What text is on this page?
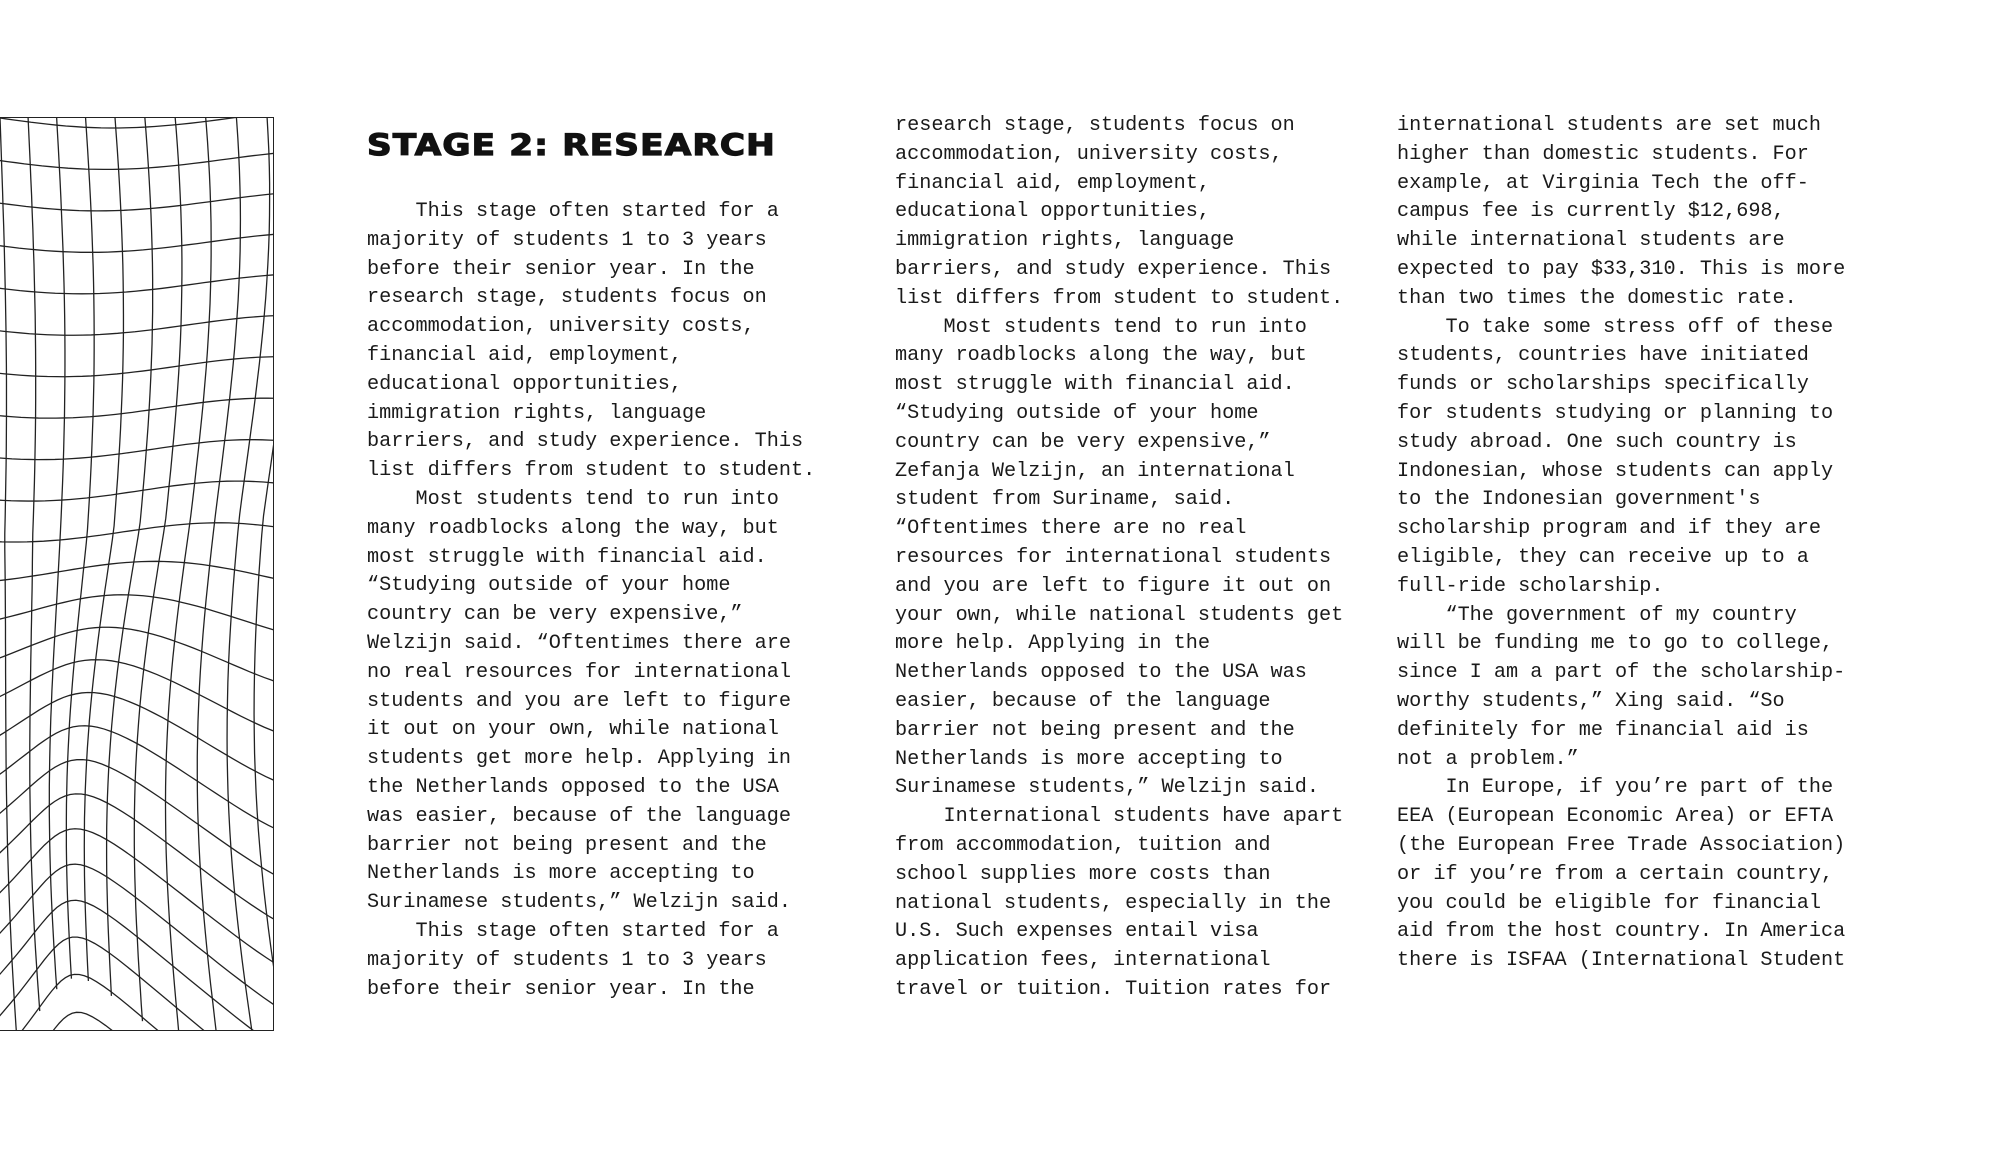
STAGE 2: RESEARCH
This stage often started for a
majority of students 1 to 3 years
before their senior year. In the
research stage, students focus on
accommodation, university costs,
financial aid, employment,
educational opportunities,
immigration rights, language
barriers, and study experience. This
list differs from student to student.
Most students tend to run into
many roadblocks along the way, but
most struggle with financial aid.
“Studying outside of your home
country can be very expensive,”
Welzijn said. “Oftentimes there are
no real resources for international
students and you are left to figure
it out on your own, while national
students get more help. Applying in
the Netherlands opposed to the USA
was easier, because of the language
barrier not being present and the
Netherlands is more accepting to
Surinamese students,” Welzijn said.
This stage often started for a
majority of students 1 to 3 years
before their senior year. In the
research stage, students focus on
accommodation, university costs,
financial aid, employment,
educational opportunities,
immigration rights, language
barriers, and study experience. This
list differs from student to student.
Most students tend to run into
many roadblocks along the way, but
most struggle with financial aid.
“Studying outside of your home
country can be very expensive,”
Zefanja Welzijn, an international
student from Suriname, said.
“Oftentimes there are no real
resources for international students
and you are left to figure it out on
your own, while national students get
more help. Applying in the
Netherlands opposed to the USA was
easier, because of the language
barrier not being present and the
Netherlands is more accepting to
Surinamese students,” Welzijn said.
International students have apart
from accommodation, tuition and
school supplies more costs than
national students, especially in the
U.S. Such expenses entail visa
application fees, international
travel or tuition. Tuition rates for
international students are set much
higher than domestic students. For
example, at Virginia Tech the off-
campus fee is currently $12,698,
while international students are
expected to pay $33,310. This is more
than two times the domestic rate.
To take some stress off of these
students, countries have initiated
funds or scholarships specifically
for students studying or planning to
study abroad. One such country is
Indonesian, whose students can apply
to the Indonesian government's
scholarship program and if they are
eligible, they can receive up to a
full-ride scholarship.
“The government of my country
will be funding me to go to college,
since I am a part of the scholarship-
worthy students,” Xing said. “So
definitely for me financial aid is
not a problem.”
In Europe, if you’re part of the
EEA (European Economic Area) or EFTA
(the European Free Trade Association)
or if you’re from a certain country,
you could be eligible for financial
aid from the host country. In America
there is ISFAA (International Student
